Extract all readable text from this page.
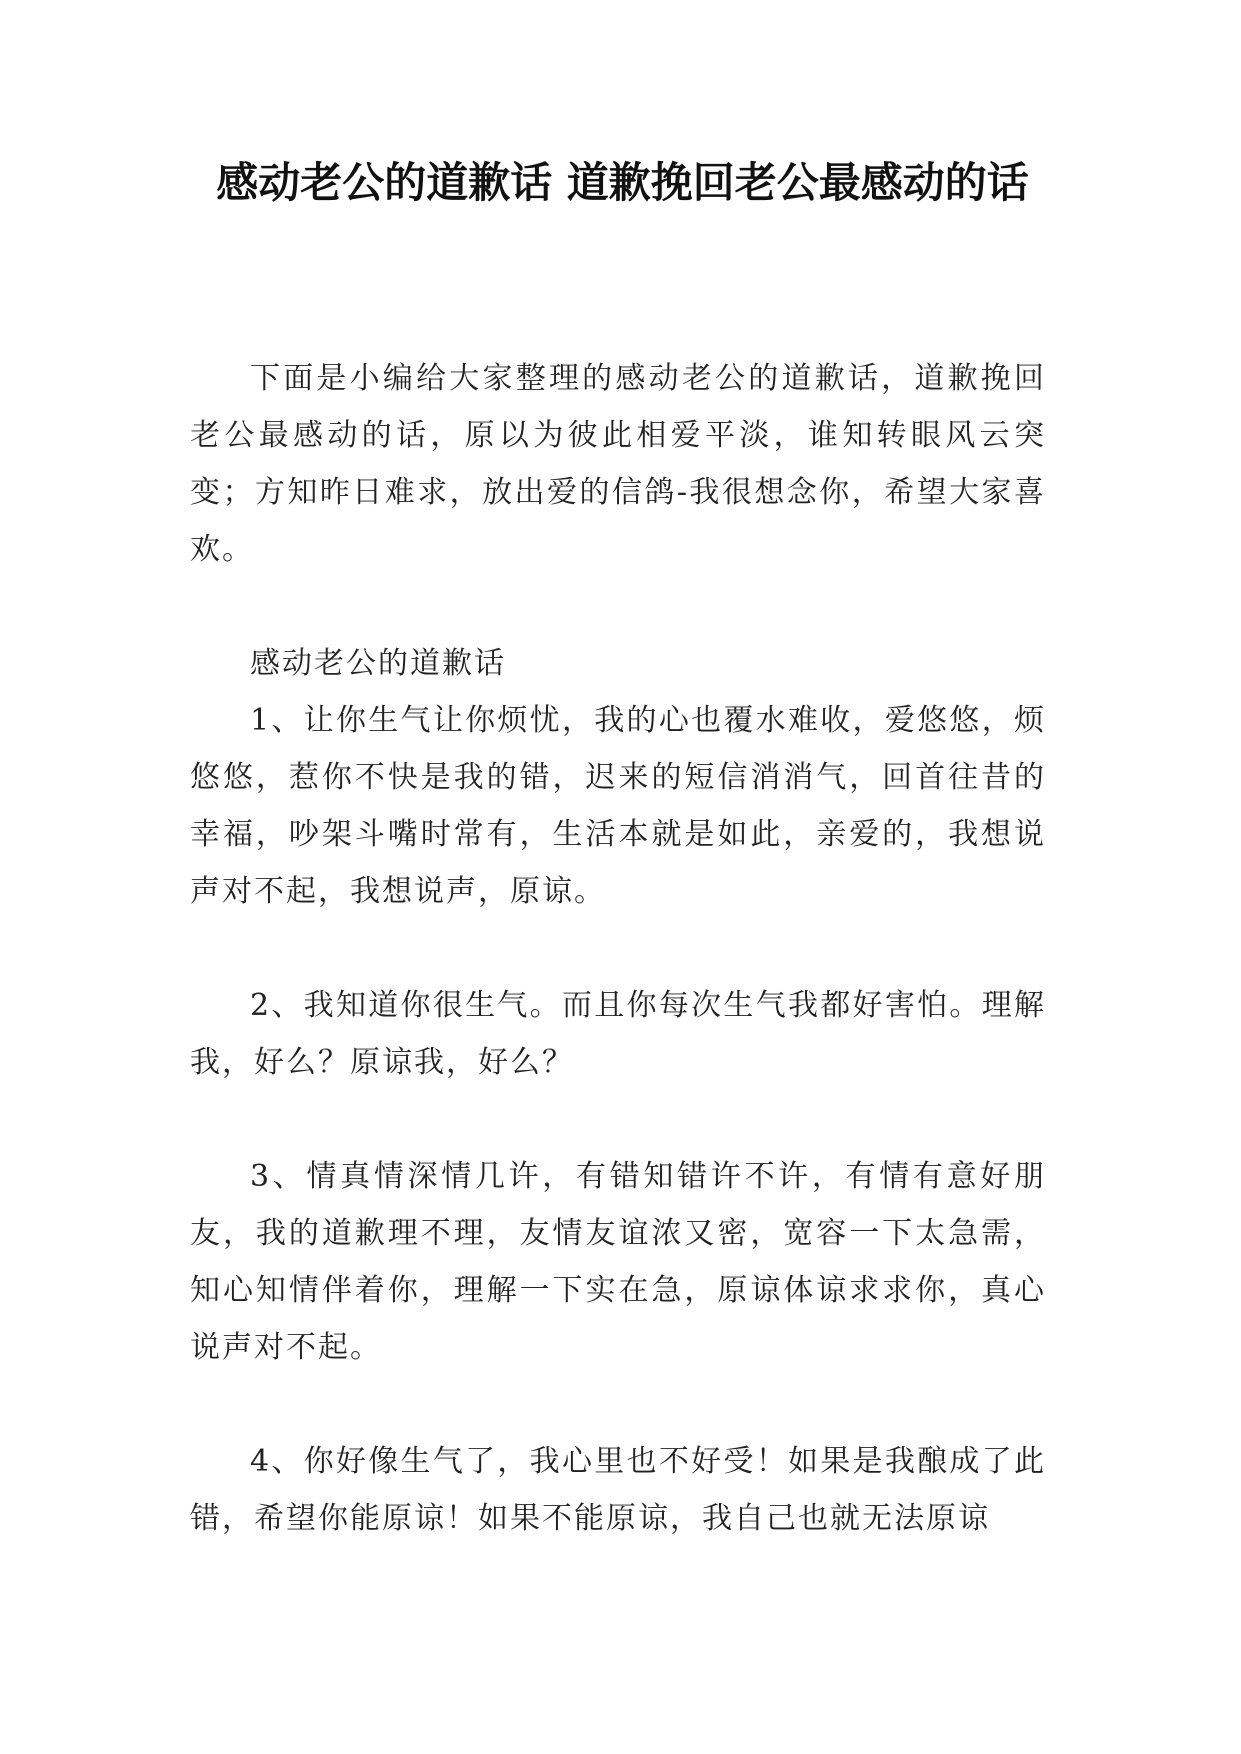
感动老公的道歉话 道歉挽回老公最感动的话

下面是小编给大家整理的感动老公的道歉话，道歉挽回老公最感动的话，原以为彼此相爱平淡，谁知转眼风云突变；方知昨日难求，放出爱的信鸽-我很想念你，希望大家喜欢。

感动老公的道歉话

1、让你生气让你烦忧，我的心也覆水难收，爱悠悠，烦悠悠，惹你不快是我的错，迟来的短信消消气，回首往昔的幸福，吵架斗嘴时常有，生活本就是如此，亲爱的，我想说声对不起，我想说声，原谅。

2、我知道你很生气。而且你每次生气我都好害怕。理解我，好么？原谅我，好么？

3、情真情深情几许，有错知错许不许，有情有意好朋友，我的道歉理不理，友情友谊浓又密，宽容一下太急需，知心知情伴着你，理解一下实在急，原谅体谅求求你，真心说声对不起。

4、你好像生气了，我心里也不好受！如果是我酿成了此错，希望你能原谅！如果不能原谅，我自己也就无法原谅
